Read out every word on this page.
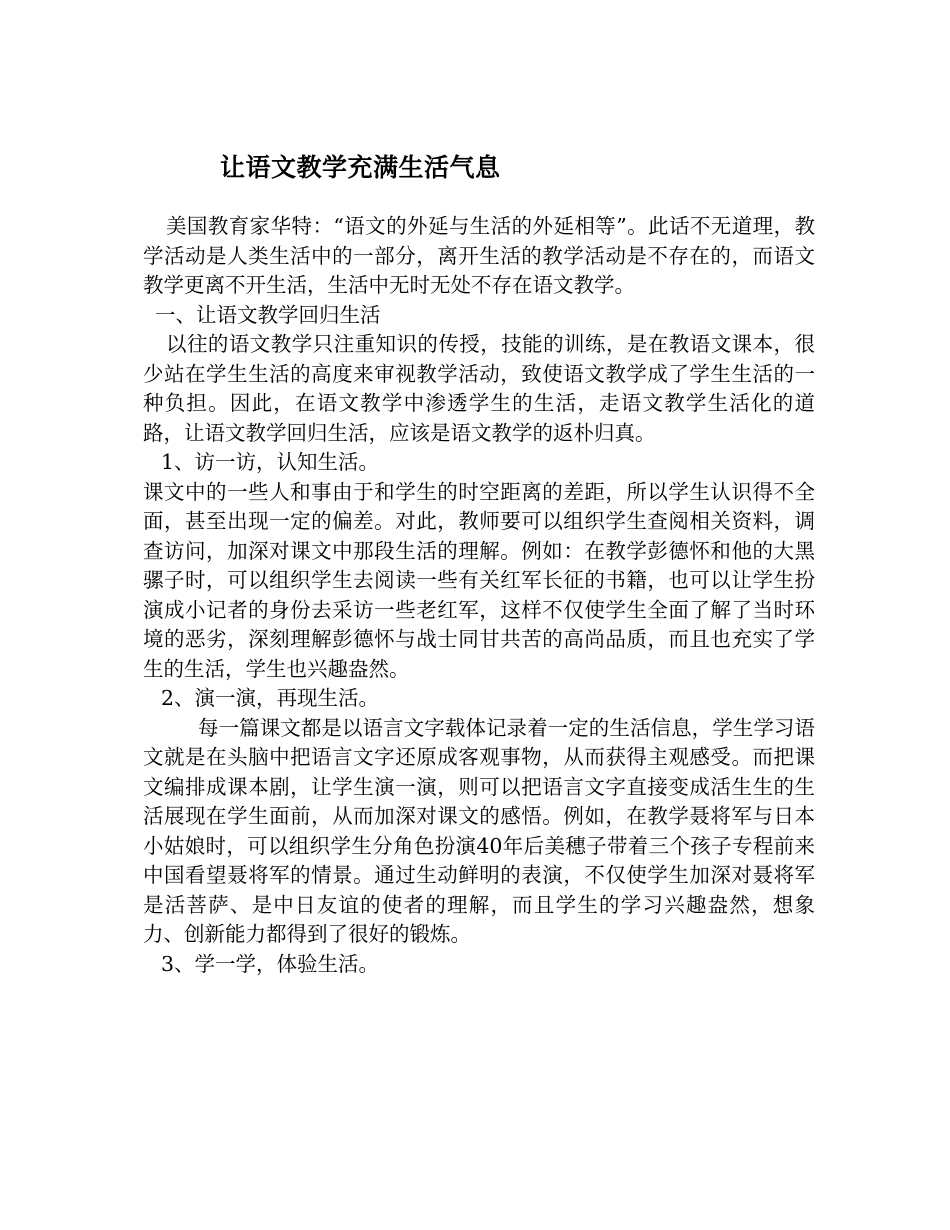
让语文教学充满生活气息

美国教育家华特：“语文的外延与生活的外延相等”。此话不无道理，教学活动是人类生活中的一部分，离开生活的教学活动是不存在的，而语文教学更离不开生活，生活中无时无处不存在语文教学。

一、让语文教学回归生活

以往的语文教学只注重知识的传授，技能的训练，是在教语文课本，很少站在学生生活的高度来审视教学活动，致使语文教学成了学生生活的一种负担。因此，在语文教学中渗透学生的生活，走语文教学生活化的道路，让语文教学回归生活，应该是语文教学的返朴归真。

1、访一访，认知生活。

课文中的一些人和事由于和学生的时空距离的差距，所以学生认识得不全面，甚至出现一定的偏差。对此，教师要可以组织学生查阅相关资料，调查访问，加深对课文中那段生活的理解。例如：在教学彭德怀和他的大黑骡子时，可以组织学生去阅读一些有关红军长征的书籍，也可以让学生扮演成小记者的身份去采访一些老红军，这样不仅使学生全面了解了当时环境的恶劣，深刻理解彭德怀与战士同甘共苦的高尚品质，而且也充实了学生的生活，学生也兴趣盎然。

2、演一演，再现生活。

每一篇课文都是以语言文字载体记录着一定的生活信息，学生学习语文就是在头脑中把语言文字还原成客观事物，从而获得主观感受。而把课文编排成课本剧，让学生演一演，则可以把语言文字直接变成活生生的生活展现在学生面前，从而加深对课文的感悟。例如，在教学聂将军与日本小姑娘时，可以组织学生分角色扮演40年后美穗子带着三个孩子专程前来中国看望聂将军的情景。通过生动鲜明的表演，不仅使学生加深对聂将军是活菩萨、是中日友谊的使者的理解，而且学生的学习兴趣盎然，想象力、创新能力都得到了很好的锻炼。

3、学一学，体验生活。
